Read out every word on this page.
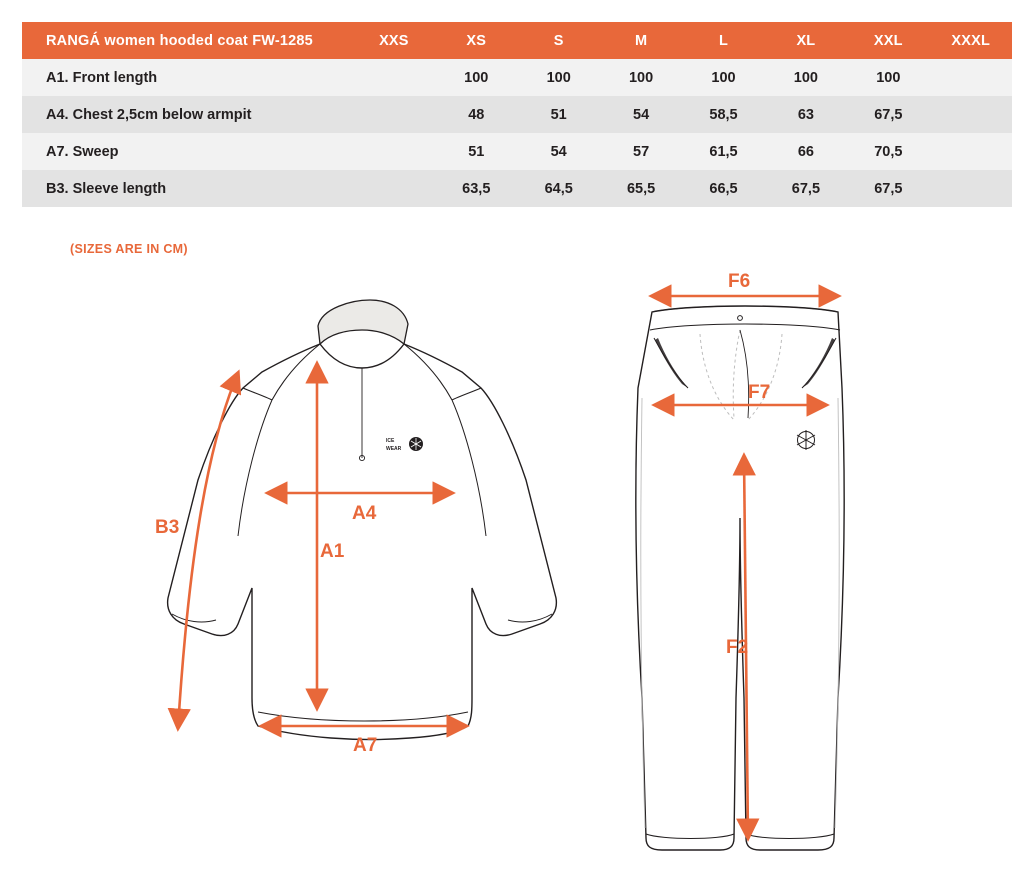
RANGÁ women hooded coat FW-1285	XXS	XS	S	M	L	XL	XXL	XXXL
A1. Front length		100	100	100	100	100	100	
A4. Chest 2,5cm below armpit		48	51	54	58,5	63	67,5	
A7. Sweep		51	54	57	61,5	66	70,5	
B3. Sleeve length		63,5	64,5	65,5	66,5	67,5	67,5	
(SIZES ARE IN CM)
ICE
WEAR
B3
A4
A1
A7
F6
F7
F2
